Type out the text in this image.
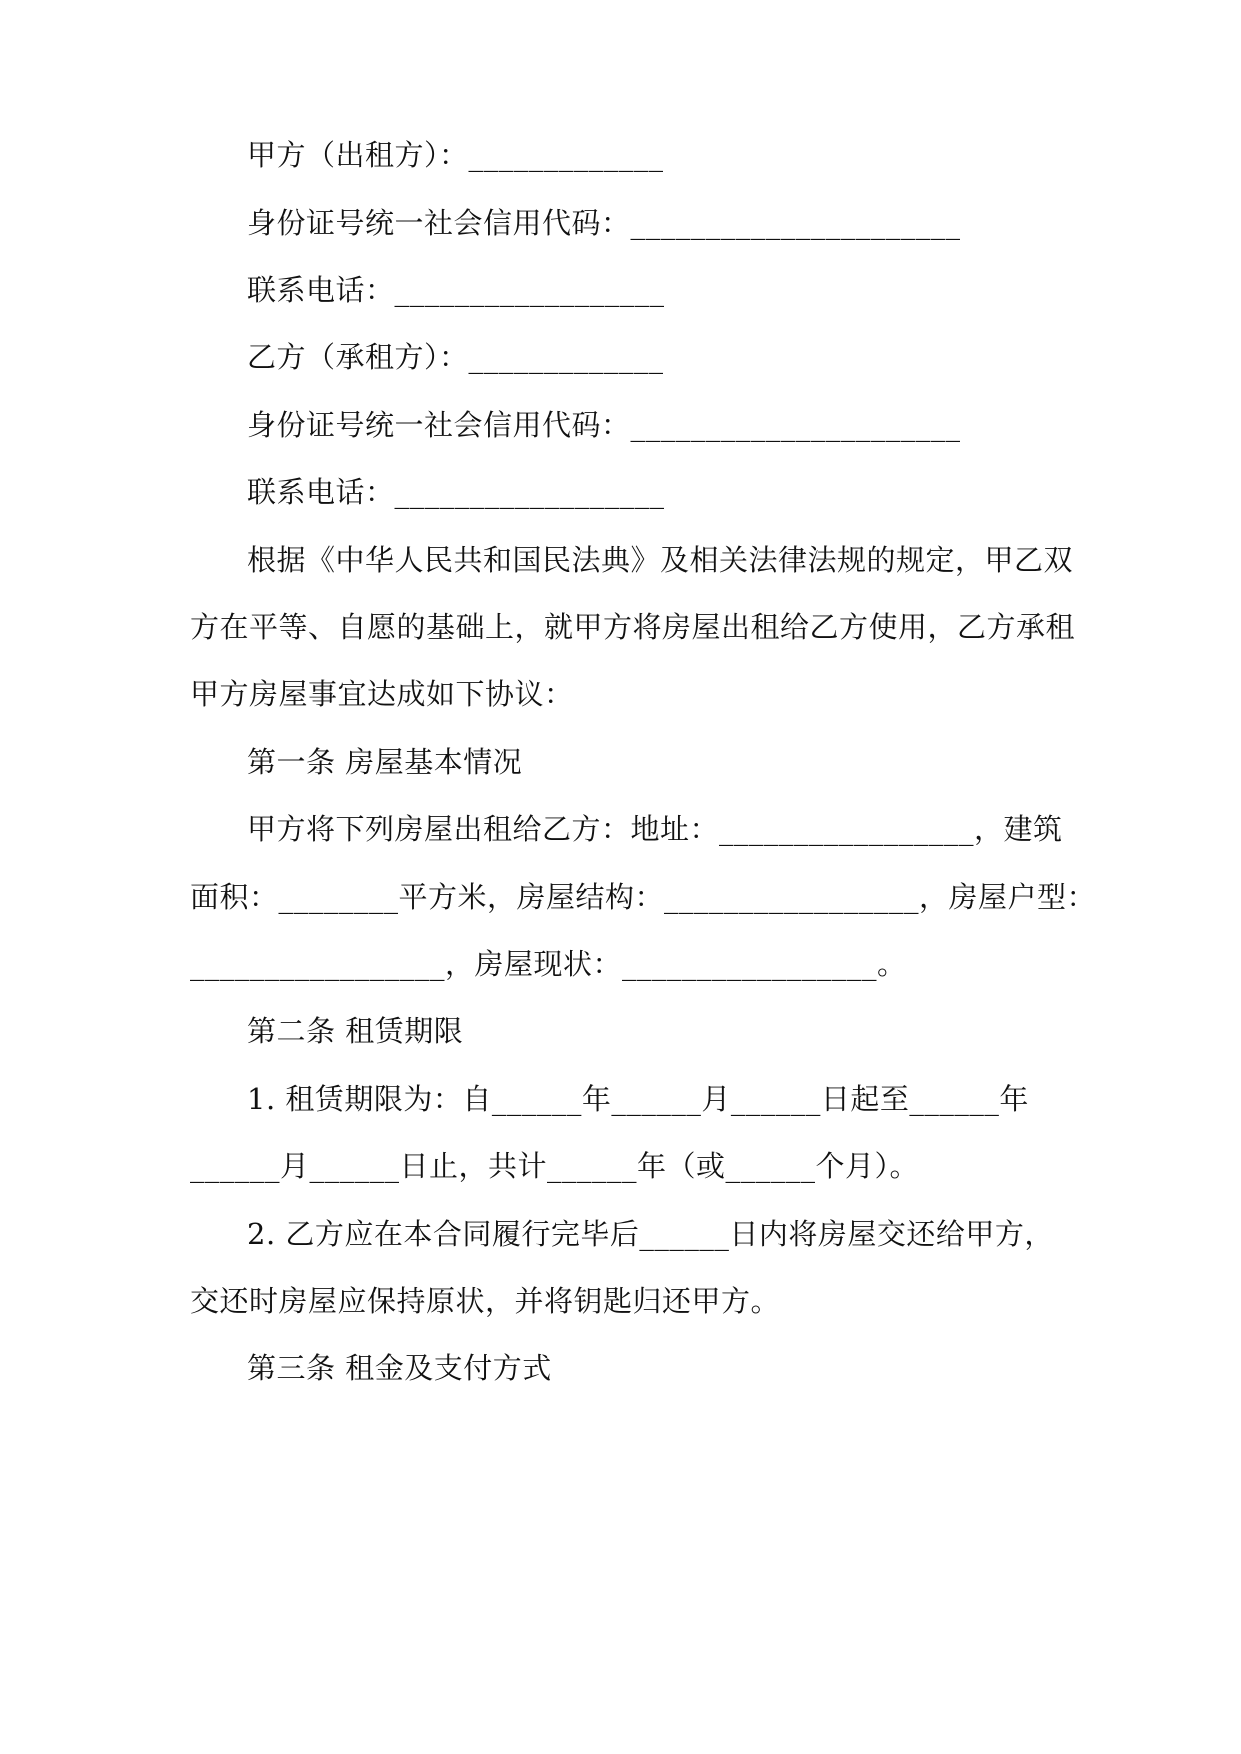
甲方（出租方）：_____________
身份证号统一社会信用代码：______________________
联系电话：__________________
乙方（承租方）：_____________
身份证号统一社会信用代码：______________________
联系电话：__________________
根据《中华人民共和国民法典》及相关法律法规的规定，甲乙双
方在平等、自愿的基础上，就甲方将房屋出租给乙方使用，乙方承租
甲方房屋事宜达成如下协议：
第一条 房屋基本情况
甲方将下列房屋出租给乙方：地址：_________________，建筑
面积：________平方米，房屋结构：_________________，房屋户型：
_________________，房屋现状：_________________。
第二条 租赁期限
1. 租赁期限为：自______年______月______日起至______年
______月______日止，共计______年（或______个月）。
2. 乙方应在本合同履行完毕后______日内将房屋交还给甲方，
交还时房屋应保持原状，并将钥匙归还甲方。
第三条 租金及支付方式
